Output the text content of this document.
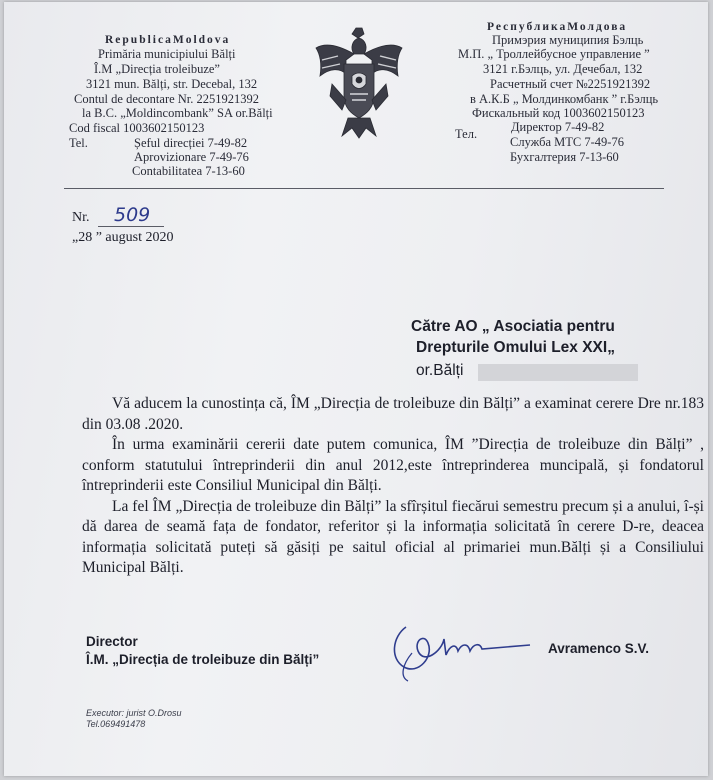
RepublicaMoldova
Primăria municipiului Bălți
Î.M „Direcția troleibuze”
3121 mun. Bălți, str. Decebal, 132
Contul de decontare Nr. 2251921392
la B.C. „Moldincombank” SA or.Bălți
Cod fiscal 1003602150123
Tel.	Șeful direcției 7-49-82
Aprovizionare 7-49-76
Contabilitatea 7-13-60
РеспубликаМолдова
Примэрия муниципия Бэлць
М.П. „ Троллейбусное управление ”
3121 г.Бэлць, ул. Дечебал, 132
Расчетный счет №2251921392
в А.К.Б „ Молдинкомбанк ” г.Бэлць
Фискальный код 1003602150123
Тел.	Директор 7-49-82
Служба МТС 7-49-76
Бухгалтерия 7-13-60
Nr. 509
„28 ” august 2020
Către AO „ Asociatia pentru
Drepturile Omului Lex XXI„
or.Bălți

Vă aducem la cunostința că, ÎM „Direcția de troleibuze din Bălți” a examinat cerere Dre nr.183 din 03.08 .2020.

În urma examinării cererii date putem comunica, ÎM ”Direcția de troleibuze din Bălți” , conform statutului întreprinderii din anul 2012,este întreprinderea muncipală, și fondatorul întreprinderii este Consiliul Municipal din Bălți.

La fel ÎM „Direcția de troleibuze din Bălți” la sfîrșitul fiecărui semestru precum și a anului, î-și dă darea de seamă fața de fondator, referitor și la informația solicitată în cerere D-re, deacea informația solicitată puteți să găsiți pe saitul oficial al primariei mun.Bălți și a Consiliului Municipal Bălți.

Director
Î.M. „Direcția de troleibuze din Bălți”
Avramenco S.V.
Executor: jurist O.Drosu
Tel.069491478
